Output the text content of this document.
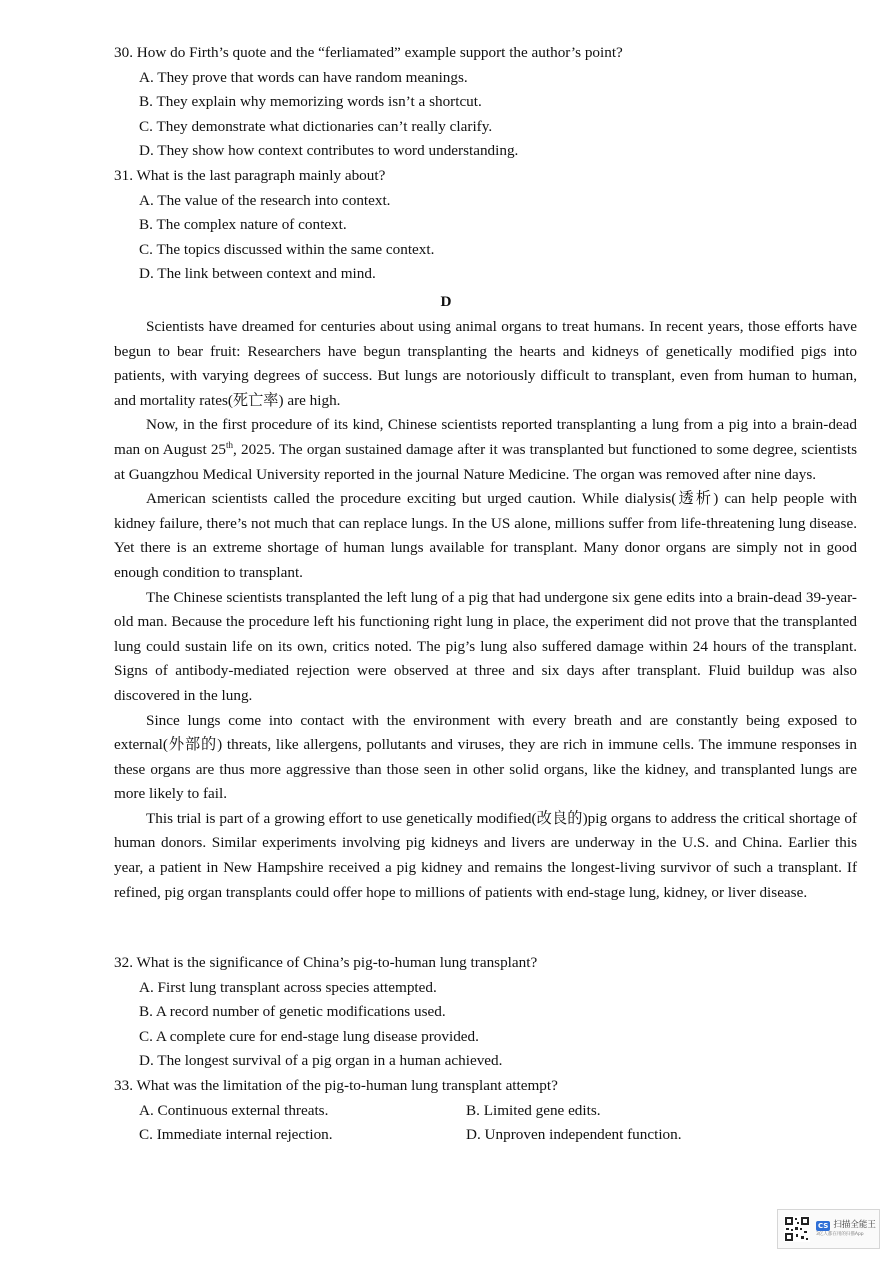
30. How do Firth’s quote and the “ferliamated” example support the author’s point?

A. They prove that words can have random meanings.

B. They explain why memorizing words isn’t a shortcut.

C. They demonstrate what dictionaries can’t really clarify.

D. They show how context contributes to word understanding.

31. What is the last paragraph mainly about?

A. The value of the research into context.

B. The complex nature of context.

C. The topics discussed within the same context.

D. The link between context and mind.

D

Scientists have dreamed for centuries about using animal organs to treat humans. In recent years, those efforts have begun to bear fruit: Researchers have begun transplanting the hearts and kidneys of genetically modified pigs into patients, with varying degrees of success. But lungs are notoriously difficult to transplant, even from human to human, and mortality rates(死亡率) are high.

Now, in the first procedure of its kind, Chinese scientists reported transplanting a lung from a pig into a brain-dead man on August 25th, 2025. The organ sustained damage after it was transplanted but functioned to some degree, scientists at Guangzhou Medical University reported in the journal Nature Medicine. The organ was removed after nine days.

American scientists called the procedure exciting but urged caution. While dialysis(透析) can help people with kidney failure, there’s not much that can replace lungs. In the US alone, millions suffer from life-threatening lung disease. Yet there is an extreme shortage of human lungs available for transplant. Many donor organs are simply not in good enough condition to transplant.

The Chinese scientists transplanted the left lung of a pig that had undergone six gene edits into a brain-dead 39-year-old man. Because the procedure left his functioning right lung in place, the experiment did not prove that the transplanted lung could sustain life on its own, critics noted. The pig’s lung also suffered damage within 24 hours of the transplant. Signs of antibody-mediated rejection were observed at three and six days after transplant. Fluid buildup was also discovered in the lung.

Since lungs come into contact with the environment with every breath and are constantly being exposed to external(外部的) threats, like allergens, pollutants and viruses, they are rich in immune cells. The immune responses in these organs are thus more aggressive than those seen in other solid organs, like the kidney, and transplanted lungs are more likely to fail.

This trial is part of a growing effort to use genetically modified(改良的)pig organs to address the critical shortage of human donors. Similar experiments involving pig kidneys and livers are underway in the U.S. and China. Earlier this year, a patient in New Hampshire received a pig kidney and remains the longest-living survivor of such a transplant. If refined, pig organ transplants could offer hope to millions of patients with end-stage lung, kidney, or liver disease.

32. What is the significance of China’s pig-to-human lung transplant?

A. First lung transplant across species attempted.

B. A record number of genetic modifications used.

C. A complete cure for end-stage lung disease provided.

D. The longest survival of a pig organ in a human achieved.

33. What was the limitation of the pig-to-human lung transplant attempt?

A. Continuous external threats.	B. Limited gene edits.

C. Immediate internal rejection.	D. Unproven independent function.

CS 扫描全能王
3亿人都在用的扫描App
